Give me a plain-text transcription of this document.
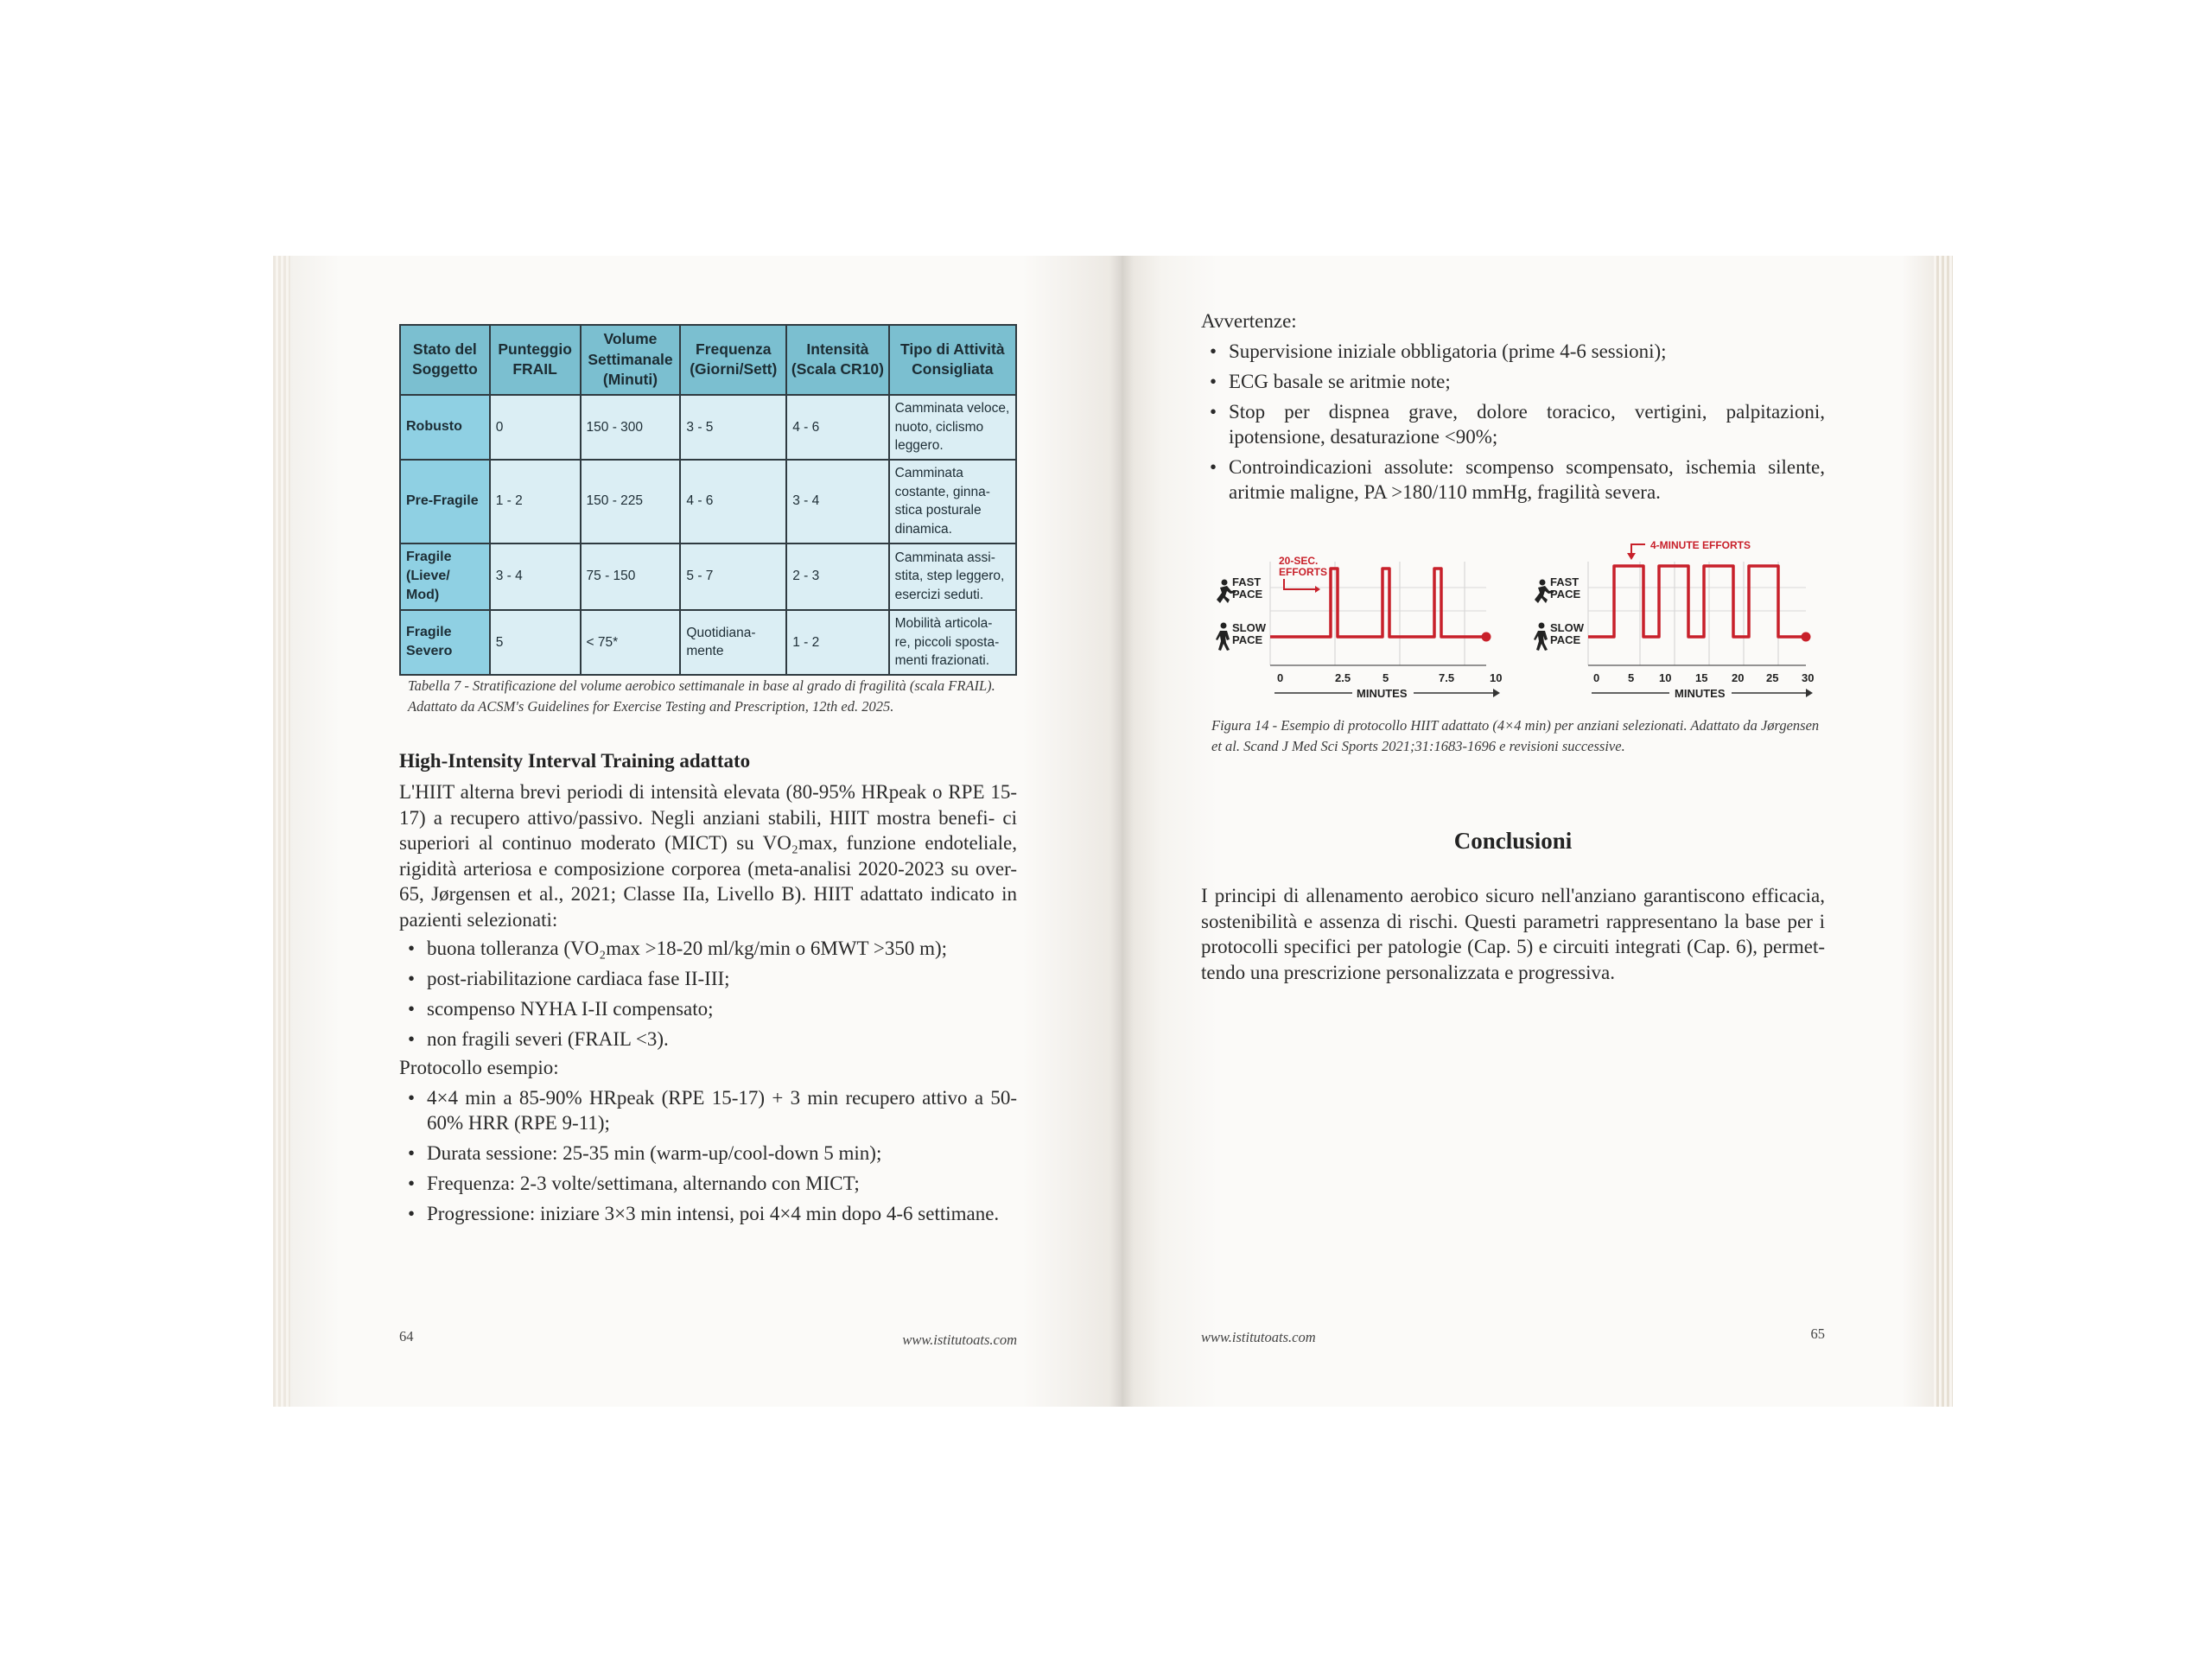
Stato del Soggetto	Punteggio FRAIL	Volume Settimanale (Minuti)	Frequenza (Giorni/Sett)	Intensità (Scala CR10)	Tipo di Attività Consigliata
Robusto	0	150 - 300	3 - 5	4 - 6	Camminata veloce, nuoto, ciclismo leggero.
Pre-Fragile	1 - 2	150 - 225	4 - 6	3 - 4	Camminata costante, ginna- stica posturale dinamica.
Fragile (Lieve/ Mod)	3 - 4	75 - 150	5 - 7	2 - 3	Camminata assi- stita, step leggero, esercizi seduti.
Fragile Severo	5	< 75*	Quotidiana- mente	1 - 2	Mobilità articola- re, piccoli sposta- menti frazionati.
Tabella 7 - Stratificazione del volume aerobico settimanale in base al grado di fragilità (scala FRAIL). Adattato da ACSM's Guidelines for Exercise Testing and Prescription, 12th ed. 2025.
High-Intensity Interval Training adattato
L'HIIT alterna brevi periodi di intensità elevata (80-95% HRpeak o RPE 15-17) a recupero attivo/passivo. Negli anziani stabili, HIIT mostra benefi- ci superiori al continuo moderato (MICT) su VO₂max, funzione endoteliale, rigidità arteriosa e composizione corporea (meta-analisi 2020-2023 su over- 65, Jørgensen et al., 2021; Classe IIa, Livello B). HIIT adattato indicato in pazienti selezionati:
• buona tolleranza (VO₂max >18-20 ml/kg/min o 6MWT >350 m);
• post-riabilitazione cardiaca fase II-III;
• scompenso NYHA I-II compensato;
• non fragili severi (FRAIL <3).
Protocollo esempio:
• 4×4 min a 85-90% HRpeak (RPE 15-17) + 3 min recupero attivo a 50- 60% HRR (RPE 9-11);
• Durata sessione: 25-35 min (warm-up/cool-down 5 min);
• Frequenza: 2-3 volte/settimana, alternando con MICT;
• Progressione: iniziare 3×3 min intensi, poi 4×4 min dopo 4-6 settimane.
64	www.istitutoats.com
Avvertenze:
• Supervisione iniziale obbligatoria (prime 4-6 sessioni);
• ECG basale se aritmie note;
• Stop per dispnea grave, dolore toracico, vertigini, palpitazioni, ipotensione, desaturazione <90%;
• Controindicazioni assolute: scompenso scompensato, ischemia silente, aritmie maligne, PA >180/110 mmHg, fragilità severa.
FAST
PACE
SLOW
PACE
20-SEC.
EFFORTS
0	2.5	5	7.5	10
MINUTES
FAST
PACE
SLOW
PACE
4-MINUTE EFFORTS
0	5 10 15 20 25 30
MINUTES
Figura 14 - Esempio di protocollo HIIT adattato (4×4 min) per anziani selezionati. Adattato da Jørgensen et al. Scand J Med Sci Sports 2021;31:1683-1696 e revisioni successive.
Conclusioni
I principi di allenamento aerobico sicuro nell'anziano garantiscono efficacia, sostenibilità e assenza di rischi. Questi parametri rappresentano la base per i protocolli specifici per patologie (Cap. 5) e circuiti integrati (Cap. 6), permet- tendo una prescrizione personalizzata e progressiva.
www.istitutoats.com	65
